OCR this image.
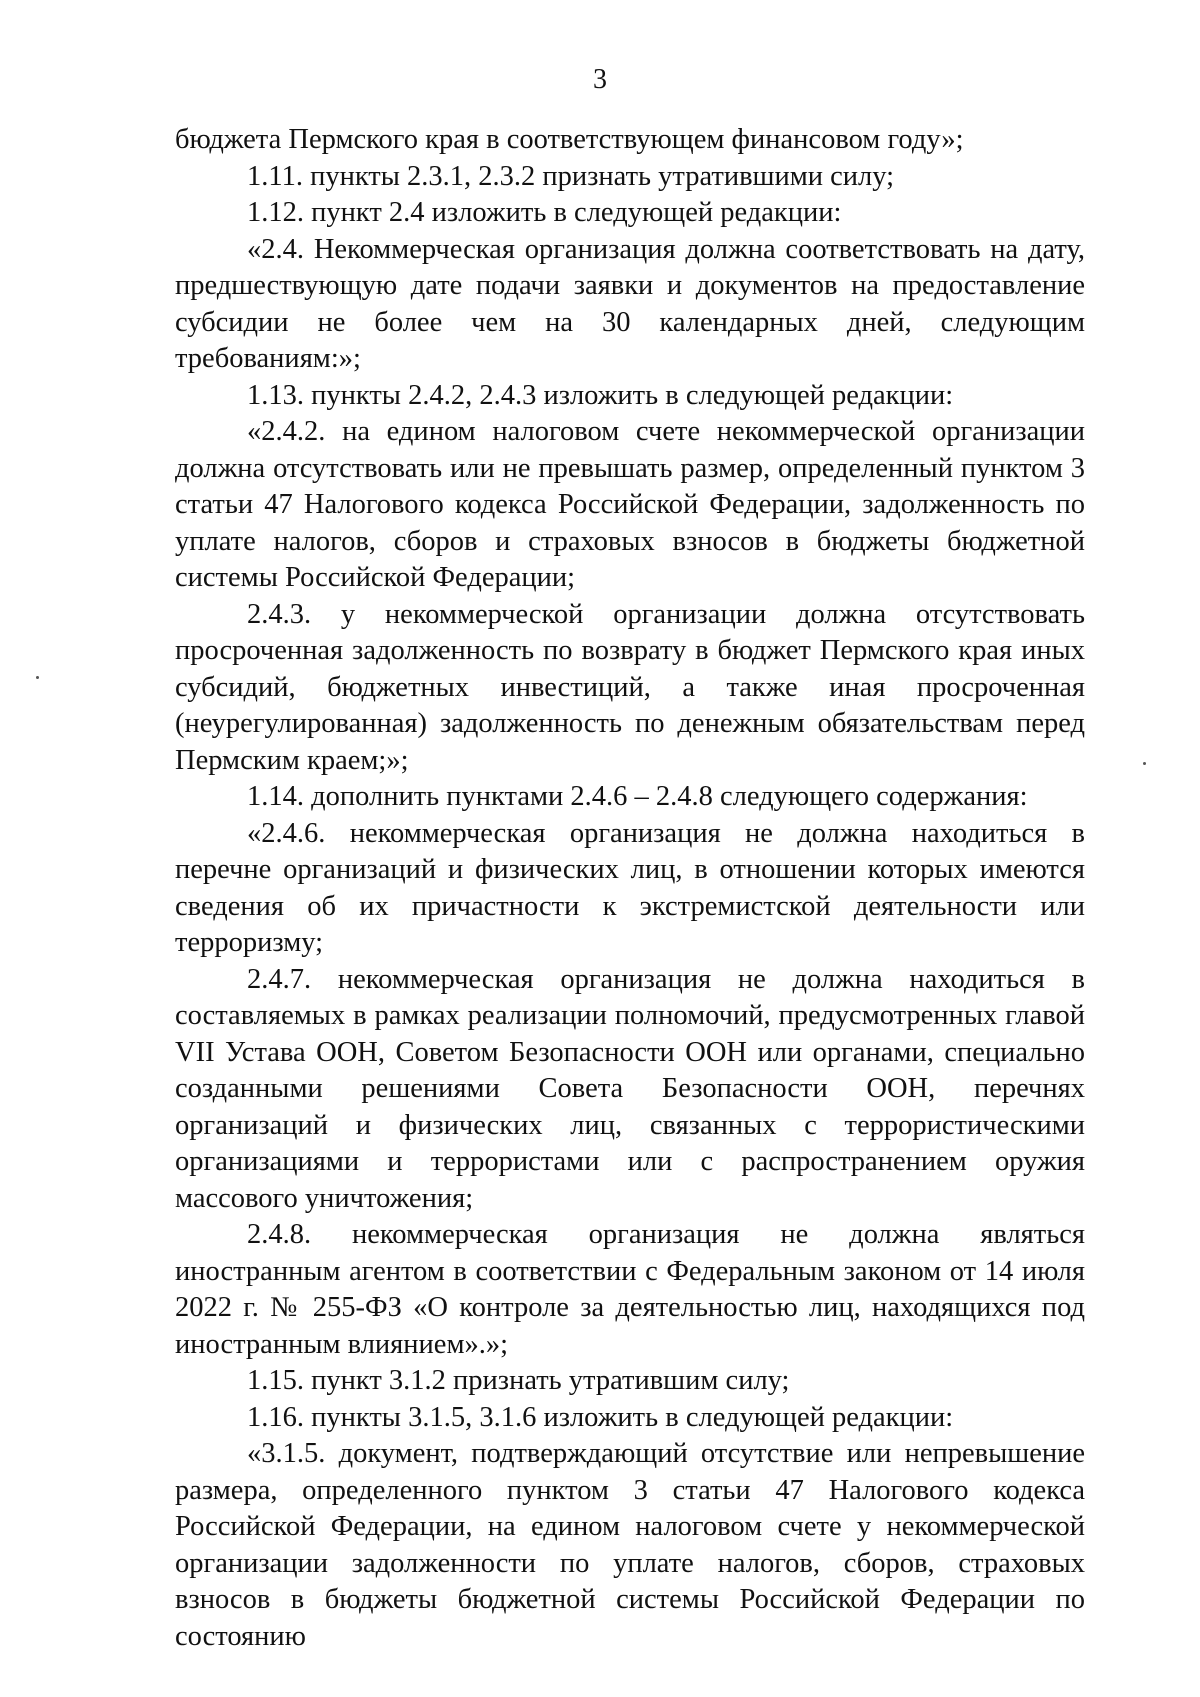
3

бюджета Пермского края в соответствующем финансовом году»;

1.11. пункты 2.3.1, 2.3.2 признать утратившими силу;

1.12. пункт 2.4 изложить в следующей редакции:

«2.4. Некоммерческая организация должна соответствовать на дату, предшествующую дате подачи заявки и документов на предоставление субсидии не более чем на 30 календарных дней, следующим требованиям:»;

1.13. пункты 2.4.2, 2.4.3 изложить в следующей редакции:

«2.4.2. на едином налоговом счете некоммерческой организации должна отсутствовать или не превышать размер, определенный пунктом 3 статьи 47 Налогового кодекса Российской Федерации, задолженность по уплате налогов, сборов и страховых взносов в бюджеты бюджетной системы Российской Федерации;

2.4.3. у некоммерческой организации должна отсутствовать просроченная задолженность по возврату в бюджет Пермского края иных субсидий, бюджетных инвестиций, а также иная просроченная (неурегулированная) задолженность по денежным обязательствам перед Пермским краем;»;

1.14. дополнить пунктами 2.4.6 – 2.4.8 следующего содержания:

«2.4.6. некоммерческая организация не должна находиться в перечне организаций и физических лиц, в отношении которых имеются сведения об их причастности к экстремистской деятельности или терроризму;

2.4.7. некоммерческая организация не должна находиться в составляемых в рамках реализации полномочий, предусмотренных главой VII Устава ООН, Советом Безопасности ООН или органами, специально созданными решениями Совета Безопасности ООН, перечнях организаций и физических лиц, связанных с террористическими организациями и террористами или с распространением оружия массового уничтожения;

2.4.8. некоммерческая организация не должна являться иностранным агентом в соответствии с Федеральным законом от 14 июля 2022 г. № 255-ФЗ «О контроле за деятельностью лиц, находящихся под иностранным влиянием».»;

1.15. пункт 3.1.2 признать утратившим силу;

1.16. пункты 3.1.5, 3.1.6 изложить в следующей редакции:

«3.1.5. документ, подтверждающий отсутствие или непревышение размера, определенного пунктом 3 статьи 47 Налогового кодекса Российской Федерации, на едином налоговом счете у некоммерческой организации задолженности по уплате налогов, сборов, страховых взносов в бюджеты бюджетной системы Российской Федерации по состоянию
